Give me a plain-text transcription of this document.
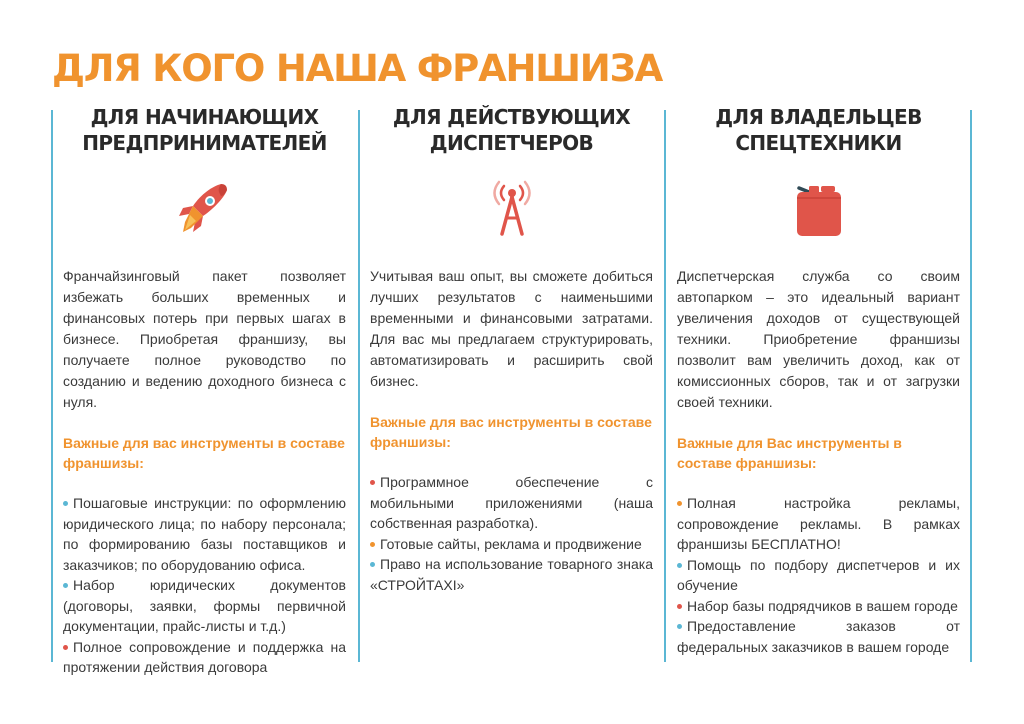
ДЛЯ КОГО НАША ФРАНШИЗА
ДЛЯ НАЧИНАЮЩИХ
ПРЕДПРИНИМАТЕЛЕЙ

Франчайзинговый пакет позволяет избежать больших временных и финансовых потерь при первых шагах в бизнесе. Приобретая франшизу, вы получаете полное руководство по созданию и ведению доходного бизнеса с нуля.

Важные для вас инструменты в составе франшизы:

Пошаговые инструкции: по оформлению юридического лица; по набору персонала; по формированию базы поставщиков и заказчиков; по оборудованию офиса.
Набор юридических документов (договоры, заявки, формы первичной документации, прайс-листы и т.д.)
Полное сопровождение и поддержка на протяжении действия договора
ДЛЯ ДЕЙСТВУЮЩИХ
ДИСПЕТЧЕРОВ

Учитывая ваш опыт, вы сможете добиться лучших результатов с наименьшими временными и финансовыми затратами. Для вас мы предлагаем структурировать, автоматизировать и расширить свой бизнес.

Важные для вас инструменты в составе франшизы:

Программное обеспечение с мобильными приложениями (наша собственная разработка).
Готовые сайты, реклама и продвижение
Право на использование товарного знака «СТРОЙТАХI»
ДЛЯ ВЛАДЕЛЬЦЕВ
СПЕЦТЕХНИКИ

Диспетчерская служба со своим автопарком – это идеальный вариант увеличения доходов от существующей техники. Приобретение франшизы позволит вам увеличить доход, как от комиссионных сборов, так и от загрузки своей техники.

Важные для Вас инструменты в составе франшизы:

Полная настройка рекламы, сопровождение рекламы. В рамках франшизы БЕСПЛАТНО!
Помощь по подбору диспетчеров и их обучение
Набор базы подрядчиков в вашем городе
Предоставление заказов от федеральных заказчиков в вашем городе
